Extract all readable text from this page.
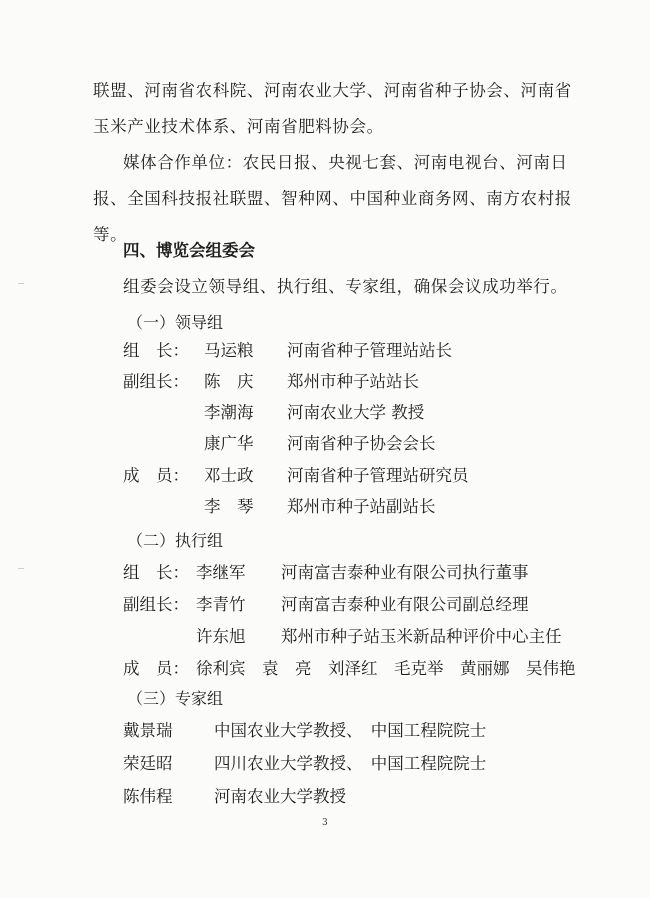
联盟、河南省农科院、河南农业大学、河南省种子协会、河南省
玉米产业技术体系、河南省肥料协会。
媒体合作单位：农民日报、央视七套、河南电视台、河南日
报、全国科技报社联盟、智种网、中国种业商务网、南方农村报
等。
四、博览会组委会
组委会设立领导组、执行组、专家组，确保会议成功举行。
（一）领导组
组　长： 马运粮 河南省种子管理站站长
副组长： 陈　庆 郑州市种子站站长
李潮海 河南农业大学 教授
康广华 河南省种子协会会长
成　员： 邓士政 河南省种子管理站研究员
李　琴 郑州市种子站副站长
（二）执行组
组　长： 李继军 河南富吉泰种业有限公司执行董事
副组长： 李青竹 河南富吉泰种业有限公司副总经理
许东旭 郑州市种子站玉米新品种评价中心主任
成　员： 徐利宾　袁　亮　刘泽红　毛克举　黄丽娜　吴伟艳
（三）专家组
戴景瑞	中国农业大学教授、　中国工程院院士
荣廷昭	四川农业大学教授、　中国工程院院士
陈伟程	河南农业大学教授
3
